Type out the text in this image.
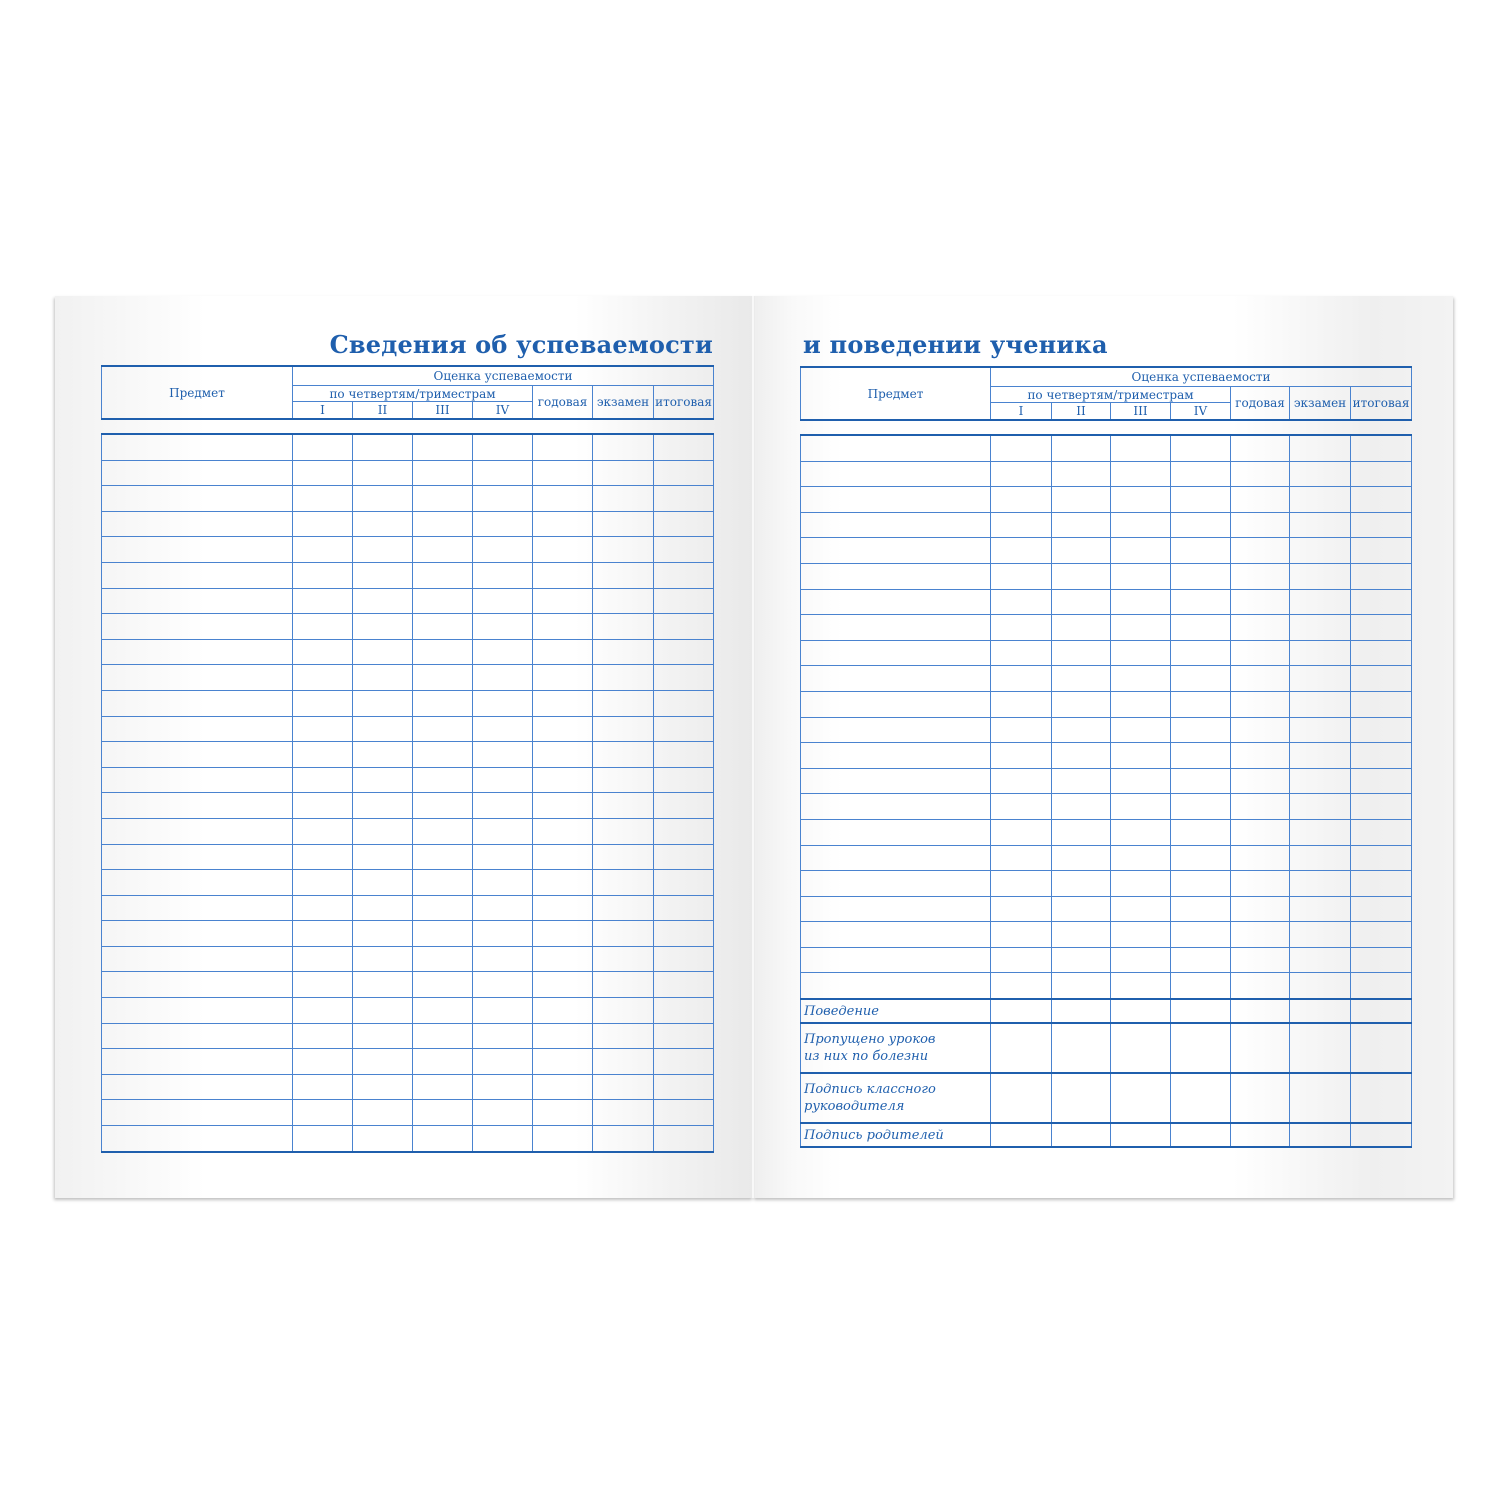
Сведения об успеваемости	и поведении ученика
Предмет	Оценка успеваемости						
	по четвертям/триместрам				годовая	экзамен	итоговая
	I	II	III	IV			

Предмет	Оценка успеваемости						
	по четвертям/триместрам				годовая	экзамен	итоговая
	I	II	III	IV			

Поведение							
Пропущено уроков
из них по болезни							
Подпись классного
руководителя							
Подпись родителей							
